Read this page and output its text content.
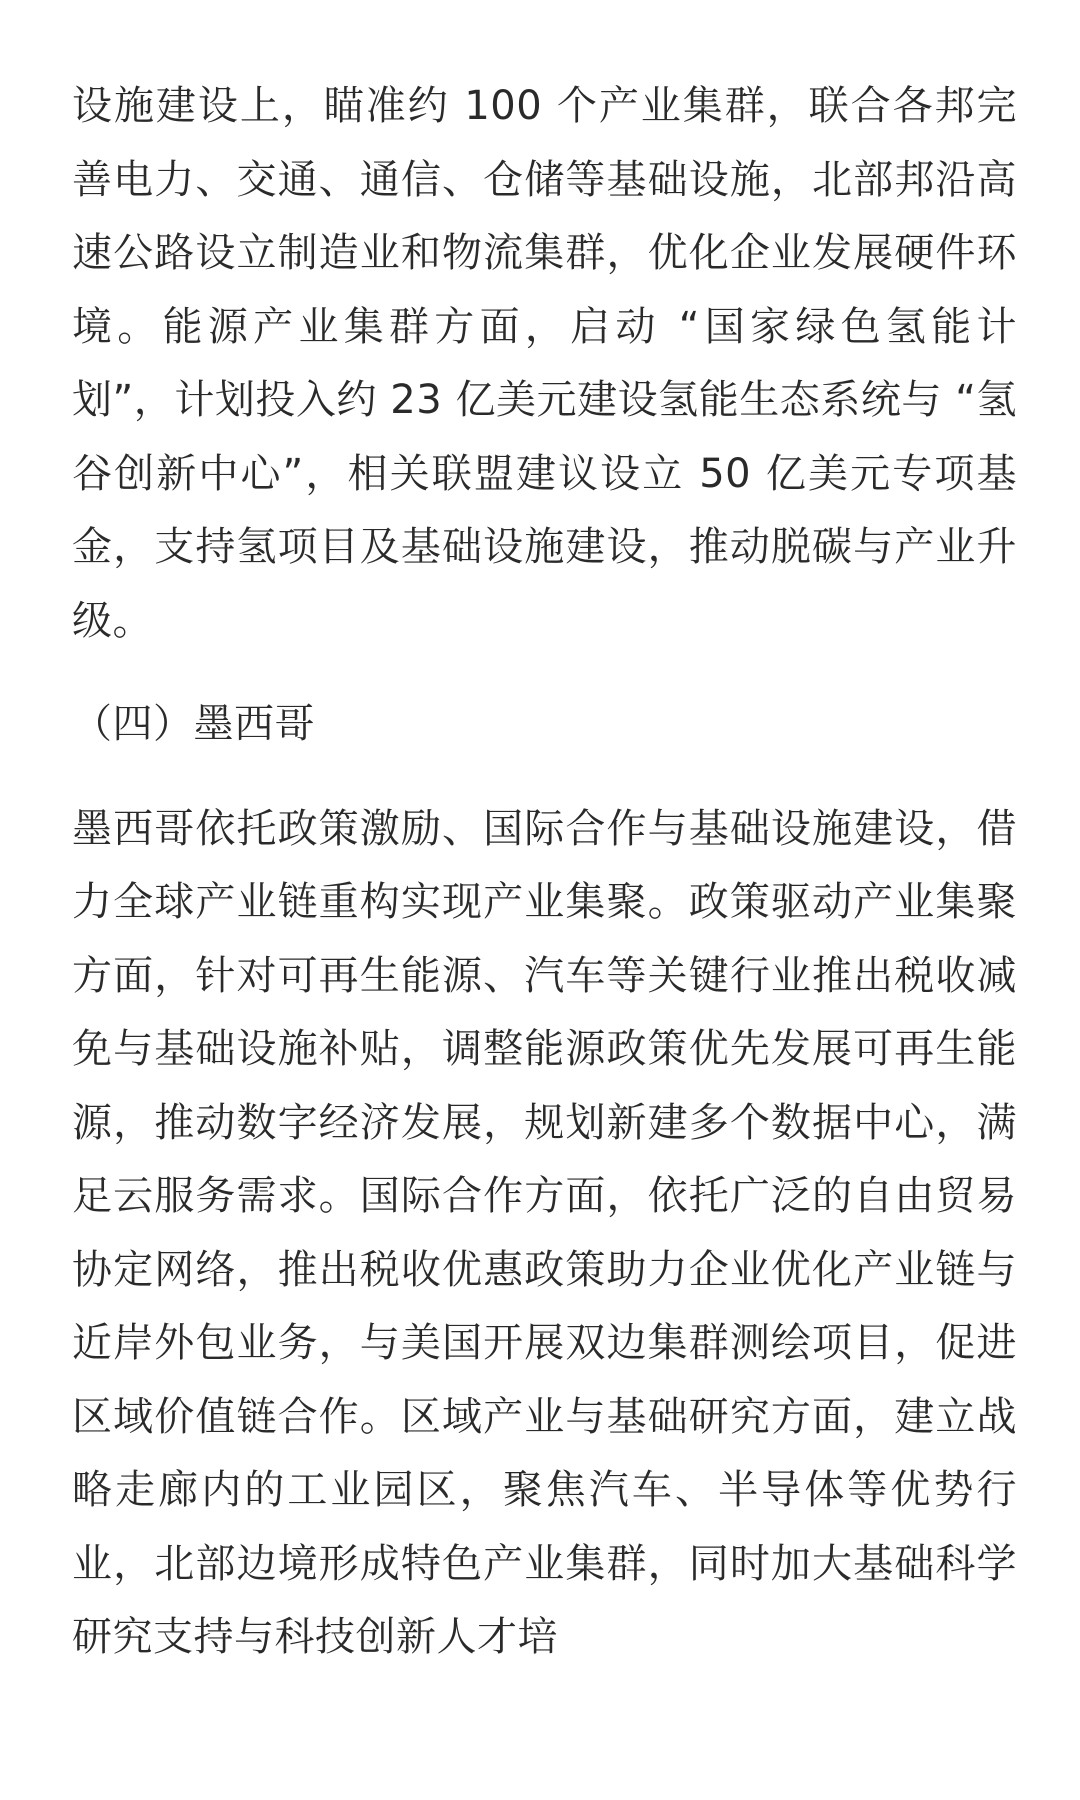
设施建设上，瞄准约 100 个产业集群，联合各邦完善电力、交通、通信、仓储等基础设施，北部邦沿高速公路设立制造业和物流集群，优化企业发展硬件环境。能源产业集群方面，启动 “国家绿色氢能计划”，计划投入约 23 亿美元建设氢能生态系统与 “氢谷创新中心”，相关联盟建议设立 50 亿美元专项基金，支持氢项目及基础设施建设，推动脱碳与产业升级。

（四）墨西哥

墨西哥依托政策激励、国际合作与基础设施建设，借力全球产业链重构实现产业集聚。政策驱动产业集聚方面，针对可再生能源、汽车等关键行业推出税收减免与基础设施补贴，调整能源政策优先发展可再生能源，推动数字经济发展，规划新建多个数据中心，满足云服务需求。国际合作方面，依托广泛的自由贸易协定网络，推出税收优惠政策助力企业优化产业链与近岸外包业务，与美国开展双边集群测绘项目，促进区域价值链合作。区域产业与基础研究方面，建立战略走廊内的工业园区，聚焦汽车、半导体等优势行业，北部边境形成特色产业集群，同时加大基础科学研究支持与科技创新人才培
